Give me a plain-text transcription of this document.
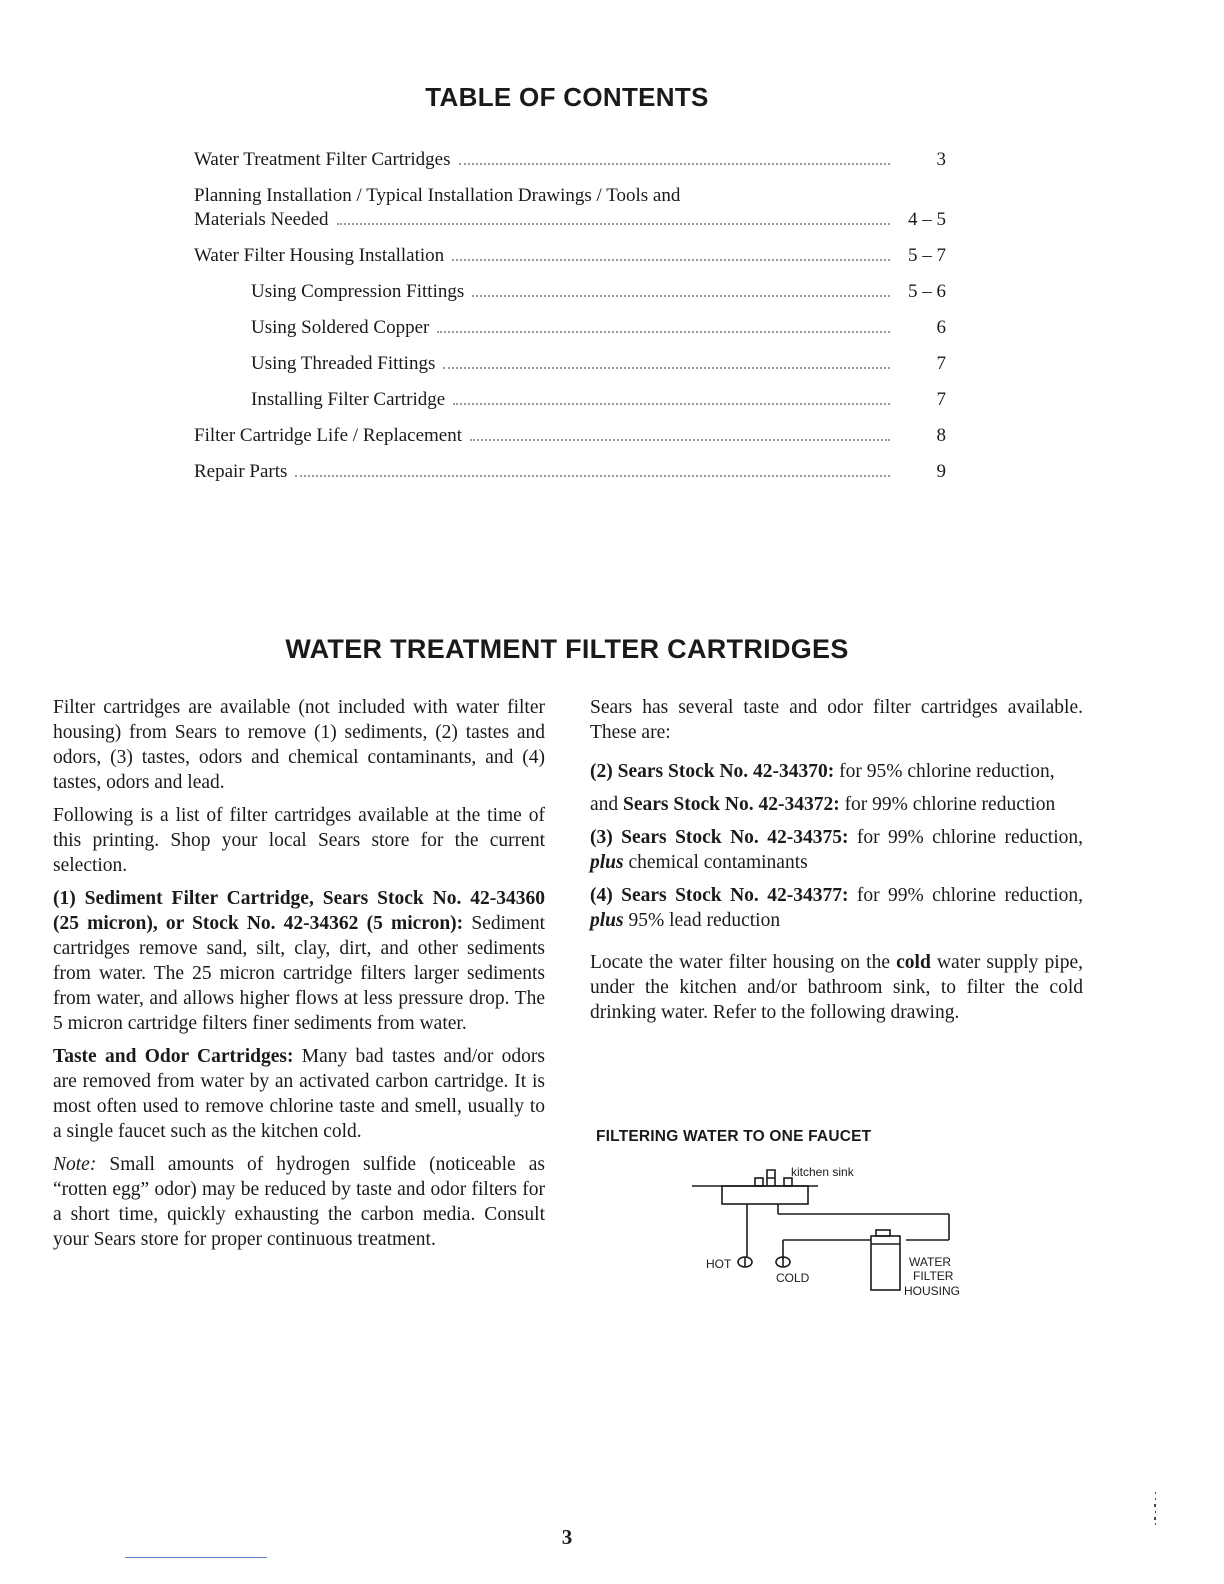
TABLE OF CONTENTS
Water Treatment Filter Cartridges	3
Planning Installation / Typical Installation Drawings / Tools and
Materials Needed	4 – 5
Water Filter Housing Installation	5 – 7
Using Compression Fittings	5 – 6
Using Soldered Copper	6
Using Threaded Fittings	7
Installing Filter Cartridge	7
Filter Cartridge Life / Replacement	8
Repair Parts	9
WATER TREATMENT FILTER CARTRIDGES

Filter cartridges are available (not included with water filter housing) from Sears to remove (1) sediments, (2) tastes and odors, (3) tastes, odors and chemical contaminants, and (4) tastes, odors and lead.

Following is a list of filter cartridges available at the time of this printing. Shop your local Sears store for the current selection.

(1) Sediment Filter Cartridge, Sears Stock No. 42-34360 (25 micron), or Stock No. 42-34362 (5 micron): Sediment cartridges remove sand, silt, clay, dirt, and other sediments from water. The 25 micron cartridge filters larger sediments from water, and allows higher flows at less pressure drop. The 5 micron cartridge filters finer sediments from water.

Taste and Odor Cartridges: Many bad tastes and/or odors are removed from water by an activated carbon cartridge. It is most often used to remove chlorine taste and smell, usually to a single faucet such as the kitchen cold.

Note: Small amounts of hydrogen sulfide (noticeable as “rotten egg” odor) may be reduced by taste and odor filters for a short time, quickly exhausting the carbon media. Consult your Sears store for proper continuous treatment.

Sears has several taste and odor filter cartridges available. These are:

(2) Sears Stock No. 42-34370: for 95% chlorine reduction,

and Sears Stock No. 42-34372: for 99% chlorine reduction

(3) Sears Stock No. 42-34375: for 99% chlorine reduction, plus chemical contaminants

(4) Sears Stock No. 42-34377: for 99% chlorine reduction, plus 95% lead reduction

Locate the water filter housing on the cold water supply pipe, under the kitchen and/or bathroom sink, to filter the cold drinking water. Refer to the following drawing.

FILTERING WATER TO ONE FAUCET
kitchen sink
HOT
COLD
WATER
FILTER
HOUSING
3
